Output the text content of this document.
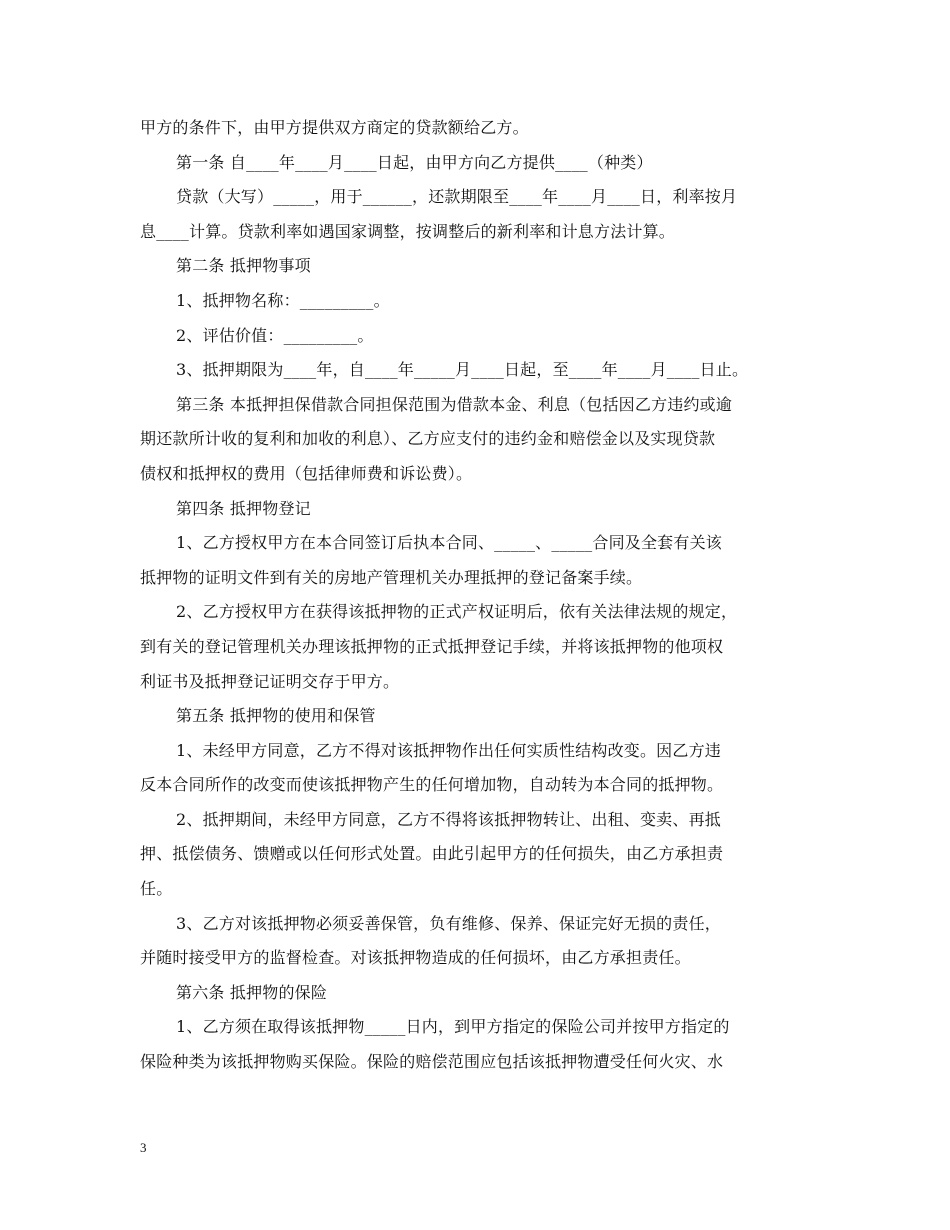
甲方的条件下，由甲方提供双方商定的贷款额给乙方。
第一条 自____年____月____日起，由甲方向乙方提供____（种类）
贷款（大写）_____，用于______，还款期限至____年____月____日，利率按月
息____计算。贷款利率如遇国家调整，按调整后的新利率和计息方法计算。
第二条 抵押物事项
1、抵押物名称：_________。
2、评估价值：_________。
3、抵押期限为____年，自____年_____月____日起，至____年____月____日止。
第三条 本抵押担保借款合同担保范围为借款本金、利息（包括因乙方违约或逾
期还款所计收的复利和加收的利息）、乙方应支付的违约金和赔偿金以及实现贷款
债权和抵押权的费用（包括律师费和诉讼费）。
第四条 抵押物登记
1、乙方授权甲方在本合同签订后执本合同、_____、_____合同及全套有关该
抵押物的证明文件到有关的房地产管理机关办理抵押的登记备案手续。
2、乙方授权甲方在获得该抵押物的正式产权证明后，依有关法律法规的规定，
到有关的登记管理机关办理该抵押物的正式抵押登记手续，并将该抵押物的他项权
利证书及抵押登记证明交存于甲方。
第五条 抵押物的使用和保管
1、未经甲方同意，乙方不得对该抵押物作出任何实质性结构改变。因乙方违
反本合同所作的改变而使该抵押物产生的任何增加物，自动转为本合同的抵押物。
2、抵押期间，未经甲方同意，乙方不得将该抵押物转让、出租、变卖、再抵
押、抵偿债务、馈赠或以任何形式处置。由此引起甲方的任何损失，由乙方承担责
任。
3、乙方对该抵押物必须妥善保管，负有维修、保养、保证完好无损的责任，
并随时接受甲方的监督检查。对该抵押物造成的任何损坏，由乙方承担责任。
第六条 抵押物的保险
1、乙方须在取得该抵押物_____日内，到甲方指定的保险公司并按甲方指定的
保险种类为该抵押物购买保险。保险的赔偿范围应包括该抵押物遭受任何火灾、水
3
